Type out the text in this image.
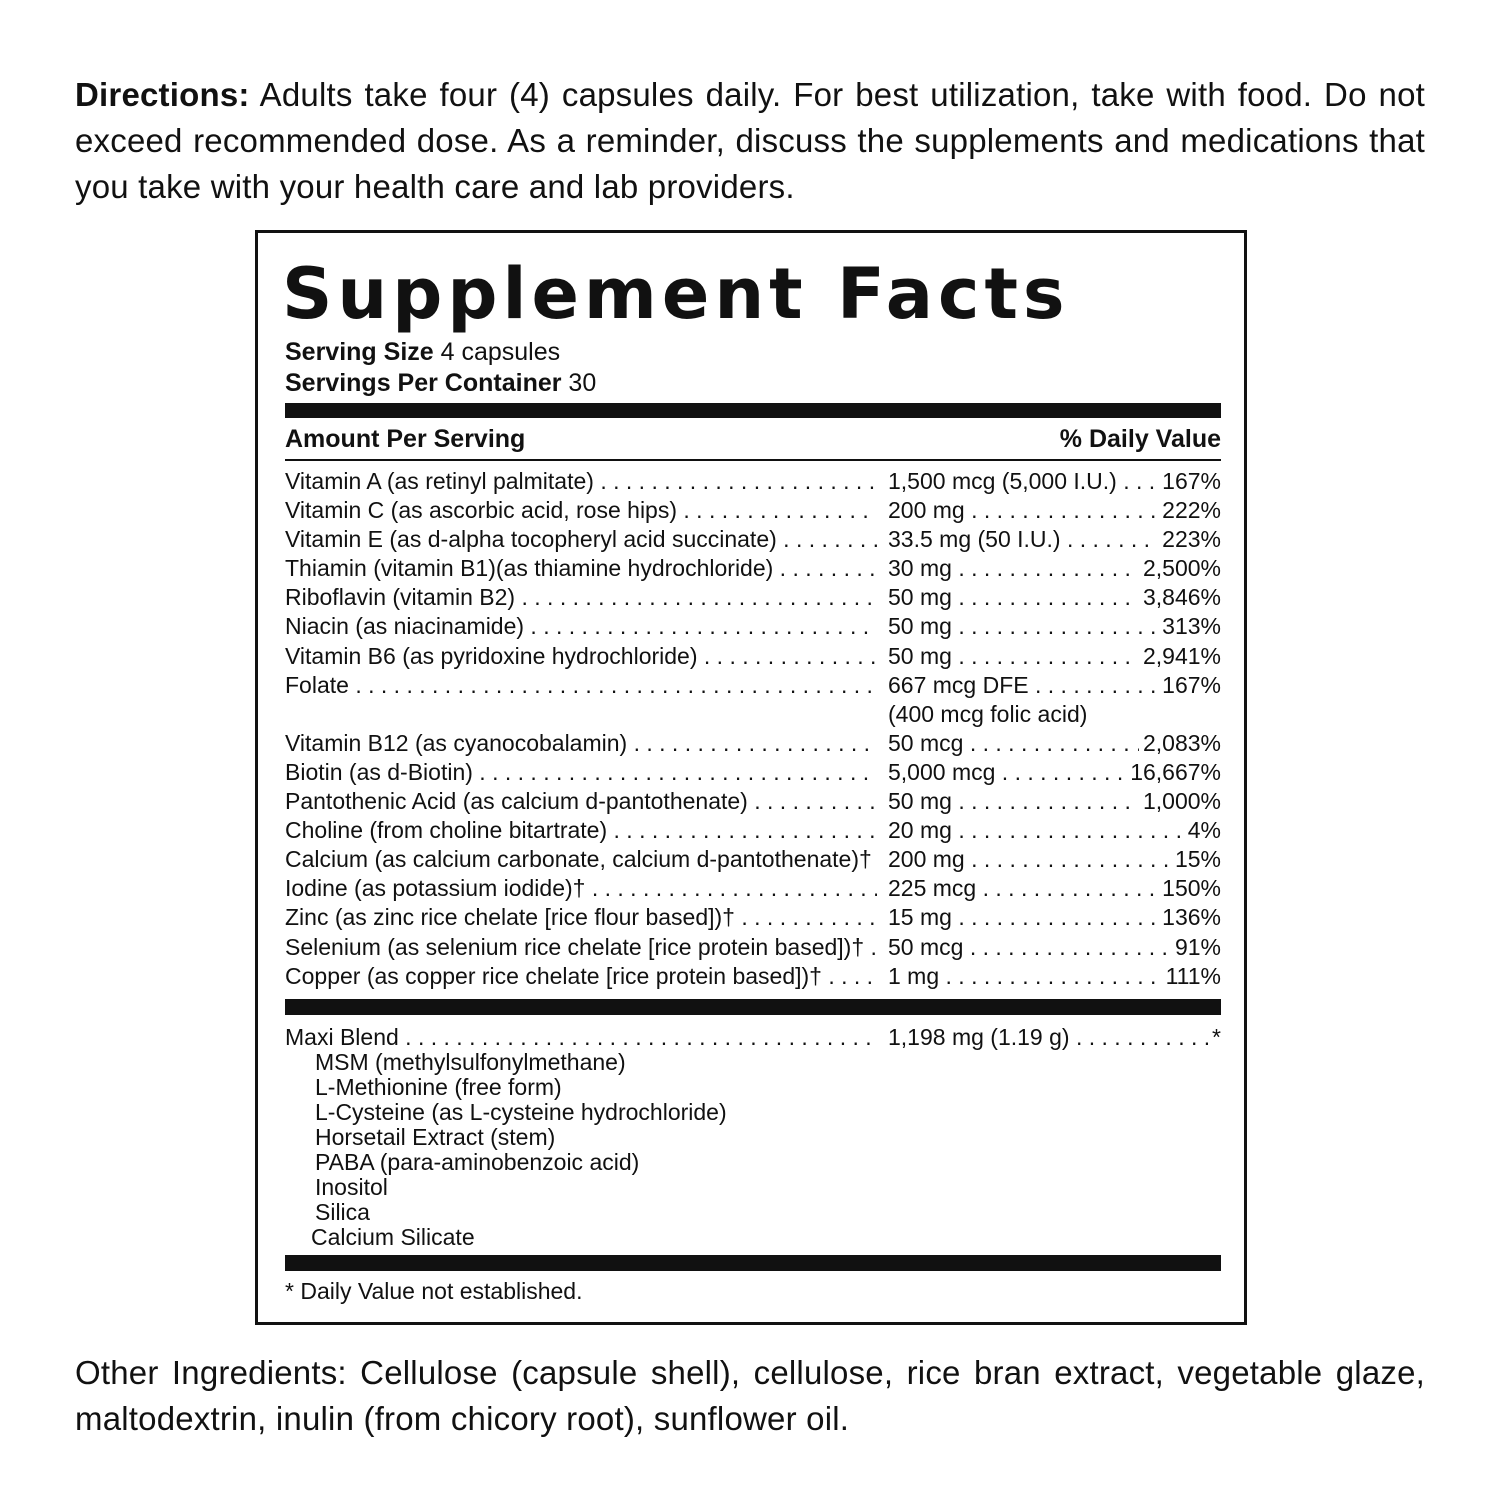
Directions: Adults take four (4) capsules daily. For best utilization, take with food. Do not exceed recommended dose. As a reminder, discuss the supplements and medications that you take with your health care and lab providers.
Supplement Facts
Serving Size 4 capsules
Servings Per Container 30
Amount Per Serving	% Daily Value
Vitamin A (as retinyl palmitate) . . .	1,500 mcg (5,000 I.U.) . . .	167%
Vitamin C (as ascorbic acid, rose hips) . . .	200 mg . . .	222%
Vitamin E (as d-alpha tocopheryl acid succinate) . . .	33.5 mg (50 I.U.) . . .	223%
Thiamin (vitamin B1)(as thiamine hydrochloride) . . .	30 mg . . .	2,500%
Riboflavin (vitamin B2) . . .	50 mg . . .	3,846%
Niacin (as niacinamide) . . .	50 mg . . .	313%
Vitamin B6 (as pyridoxine hydrochloride) . . .	50 mg . . .	2,941%
Folate . . .	667 mcg DFE . . .	167%
(400 mcg folic acid)
Vitamin B12 (as cyanocobalamin) . . .	50 mcg . . .	2,083%
Biotin (as d-Biotin) . . .	5,000 mcg . . .	16,667%
Pantothenic Acid (as calcium d-pantothenate) . . .	50 mg . . .	1,000%
Choline (from choline bitartrate) . . .	20 mg . . .	4%
Calcium (as calcium carbonate, calcium d-pantothenate)† . . . 200 mg . . .	15%
Iodine (as potassium iodide)† . . .	225 mcg . . .	150%
Zinc (as zinc rice chelate [rice flour based])† . . .	15 mg . . .	136%
Selenium (as selenium rice chelate [rice protein based])† . . .	50 mcg . . .	91%
Copper (as copper rice chelate [rice protein based])† . . .	1 mg . . .	111%
Maxi Blend . . .	1,198 mg (1.19 g) . . .	*
MSM (methylsulfonylmethane)
L-Methionine (free form)
L-Cysteine (as L-cysteine hydrochloride)
Horsetail Extract (stem)
PABA (para-aminobenzoic acid)
Inositol
Silica
Calcium Silicate
* Daily Value not established.
Other Ingredients: Cellulose (capsule shell), cellulose, rice bran extract, vegetable glaze, maltodextrin, inulin (from chicory root), sunflower oil.
